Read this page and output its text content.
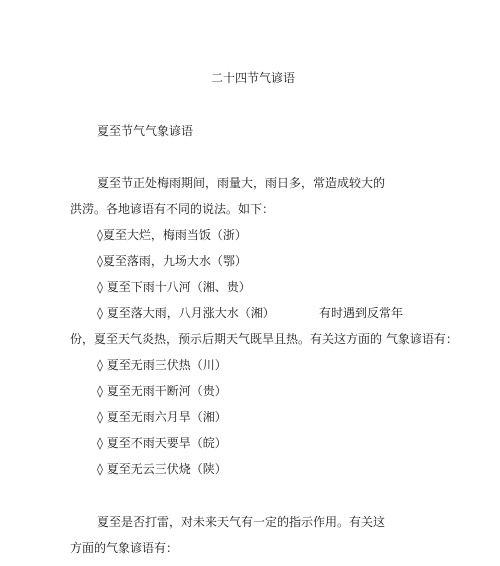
二十四节气谚语
夏至节气气象谚语
夏至节正处梅雨期间，雨量大，雨日多，常造成较大的
洪涝。各地谚语有不同的说法。如下：
◊夏至大烂，梅雨当饭（浙）
◊夏至落雨，九场大水（鄂）
◊ 夏至下雨十八河（湘、贵）
◊ 夏至落大雨，八月涨大水（湘）	有时遇到反常年
份，夏至天气炎热，预示后期天气既旱且热。有关这方面的 气象谚语有：
◊ 夏至无雨三伏热（川）
◊ 夏至无雨干断河（贵）
◊ 夏至无雨六月旱（湘）
◊ 夏至不雨天要旱（皖）
◊ 夏至无云三伏烧（陕）
夏至是否打雷，对未来天气有一定的指示作用。有关这
方面的气象谚语有：
